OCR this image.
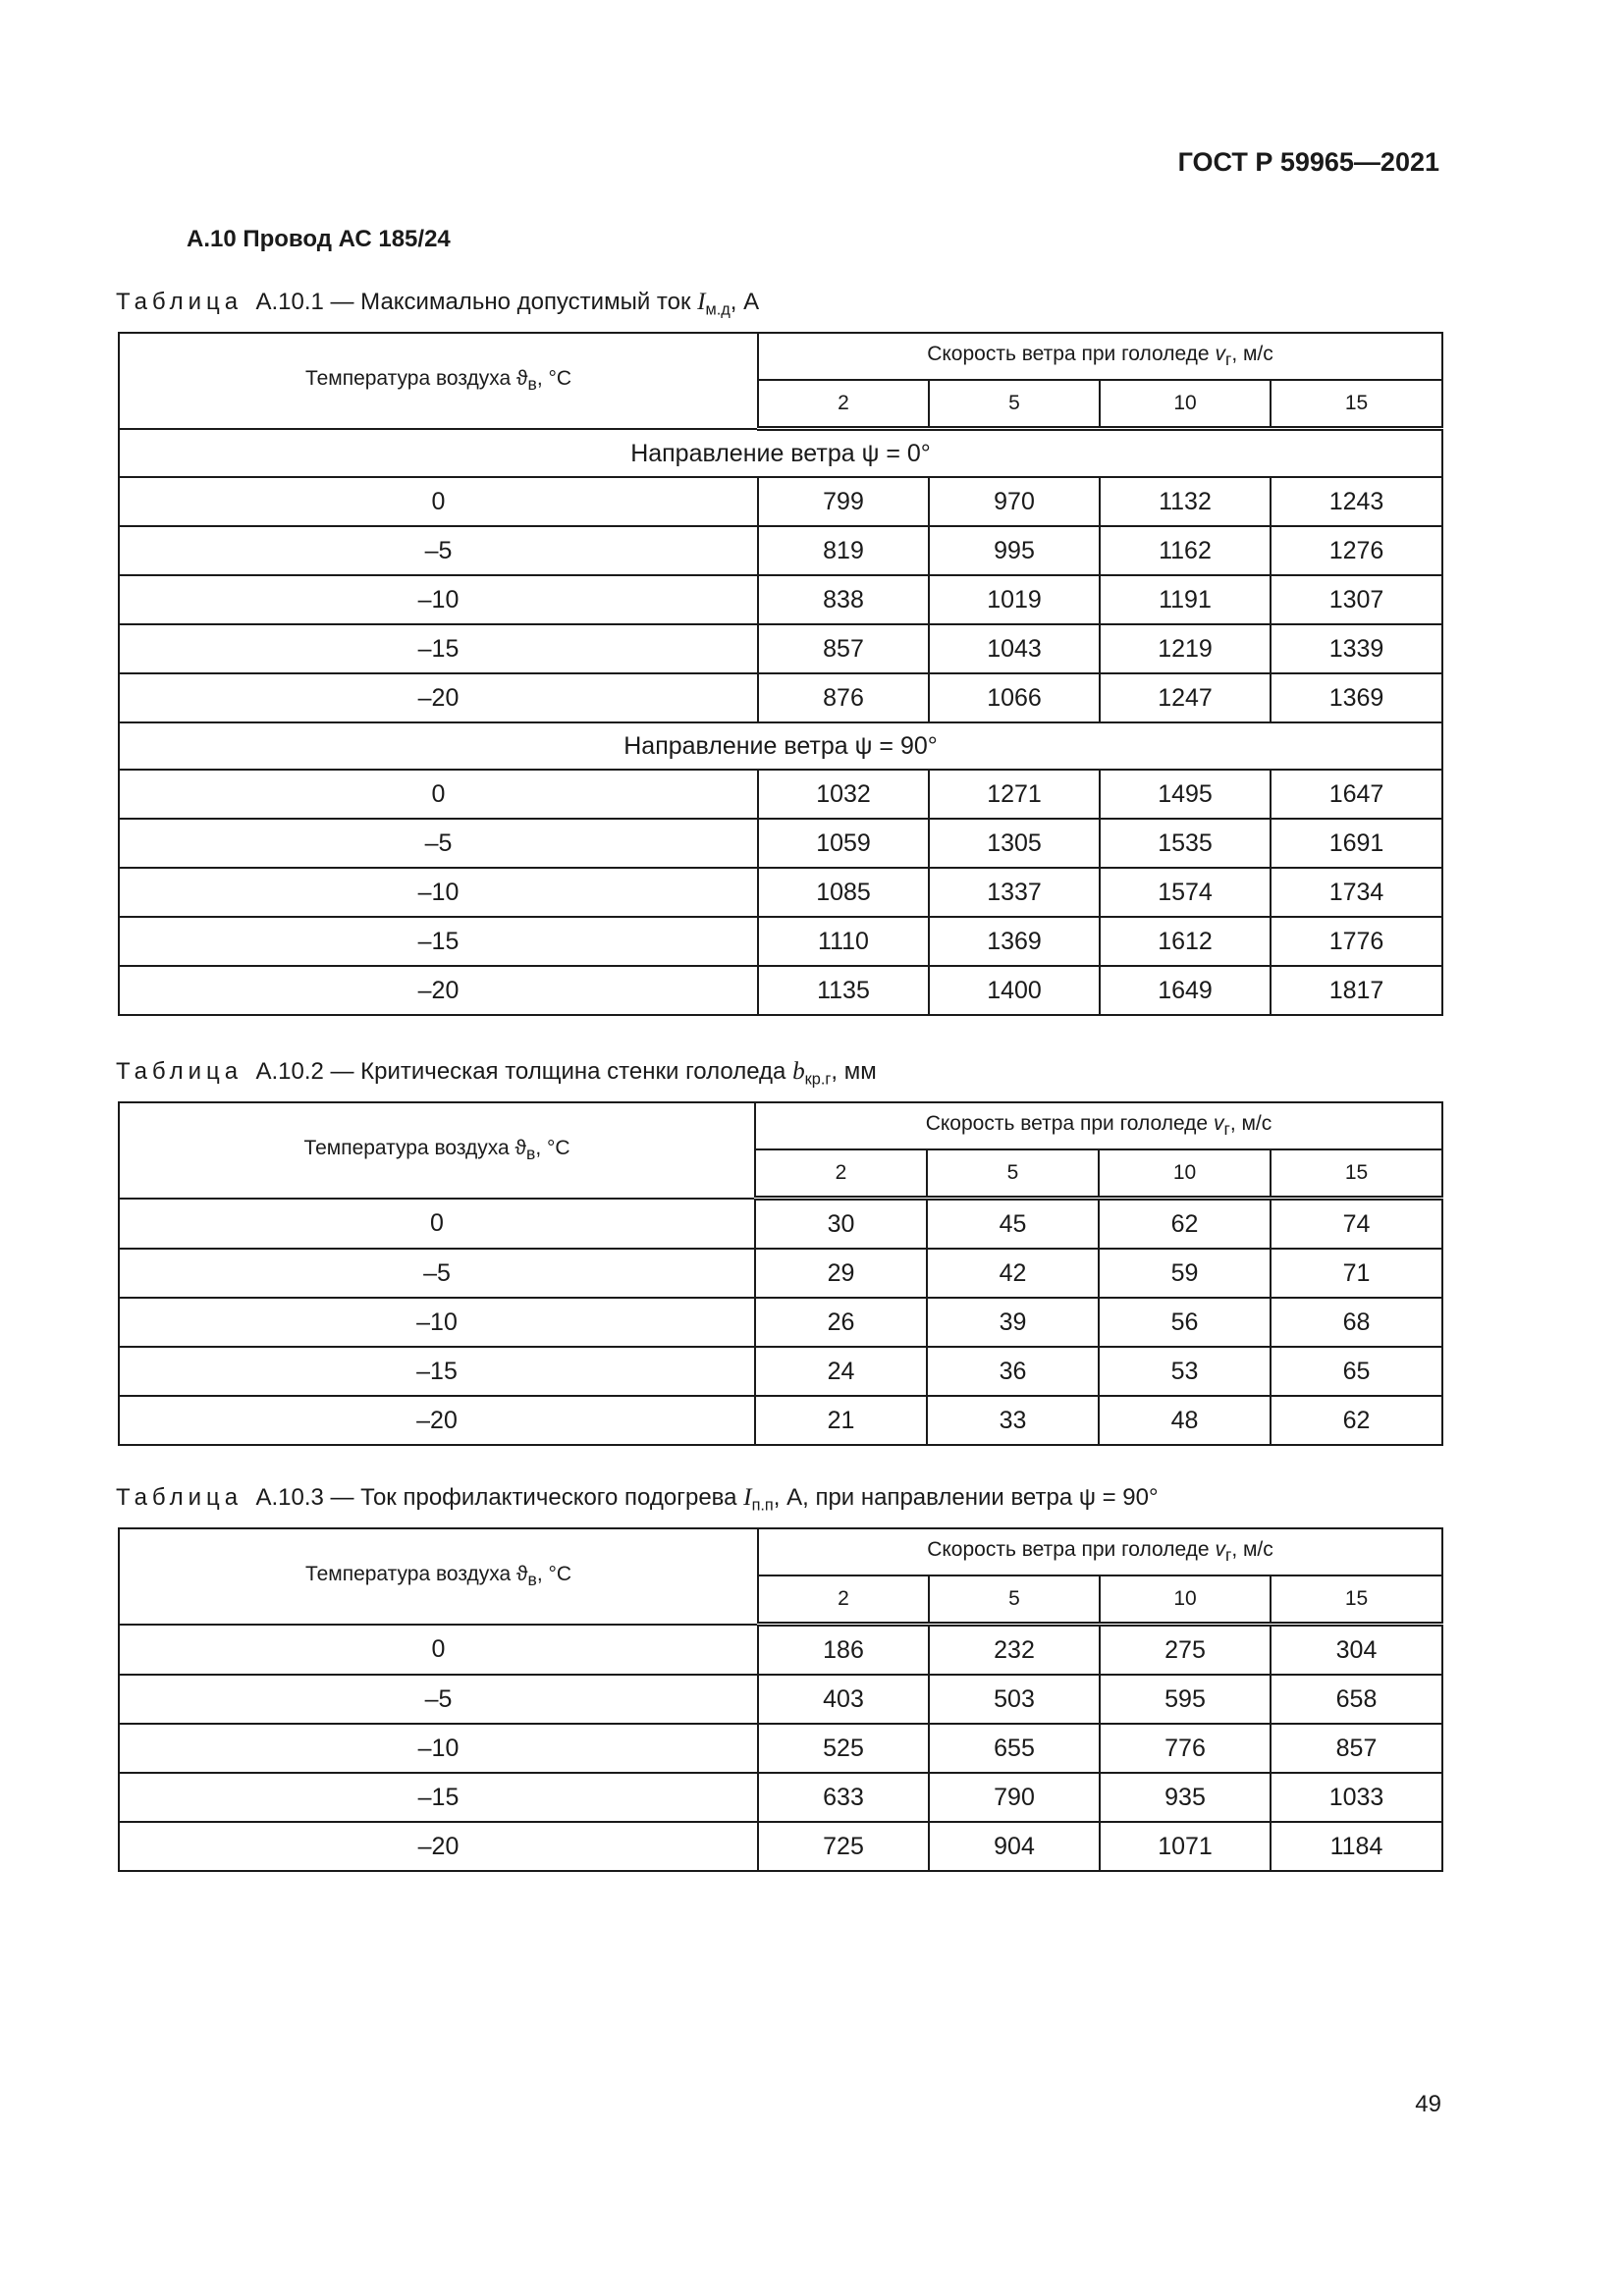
ГОСТ Р 59965—2021
А.10 Провод АС 185/24
Таблица А.10.1 — Максимально допустимый ток $I_{м.д}$, А
Температура воздуха $ϑ_в$, °С	Скорость ветра при гололеде $v_г$, м/с			
	2	5	10	15
Направление ветра ψ = 0°				
0	799	970	1132	1243
–5	819	995	1162	1276
–10	838	1019	1191	1307
–15	857	1043	1219	1339
–20	876	1066	1247	1369
Направление ветра ψ = 90°				
0	1032	1271	1495	1647
–5	1059	1305	1535	1691
–10	1085	1337	1574	1734
–15	1110	1369	1612	1776
–20	1135	1400	1649	1817
Таблица А.10.2 — Критическая толщина стенки гололеда $b_{кр.г}$, мм
Температура воздуха $ϑ_в$, °С	Скорость ветра при гололеде $v_г$, м/с			
	2	5	10	15
0	30	45	62	74
–5	29	42	59	71
–10	26	39	56	68
–15	24	36	53	65
–20	21	33	48	62
Таблица А.10.3 — Ток профилактического подогрева $I_{п.п}$, А, при направлении ветра ψ = 90°
Температура воздуха $ϑ_в$, °С	Скорость ветра при гололеде $v_г$, м/с			
	2	5	10	15
0	186	232	275	304
–5	403	503	595	658
–10	525	655	776	857
–15	633	790	935	1033
–20	725	904	1071	1184
49
